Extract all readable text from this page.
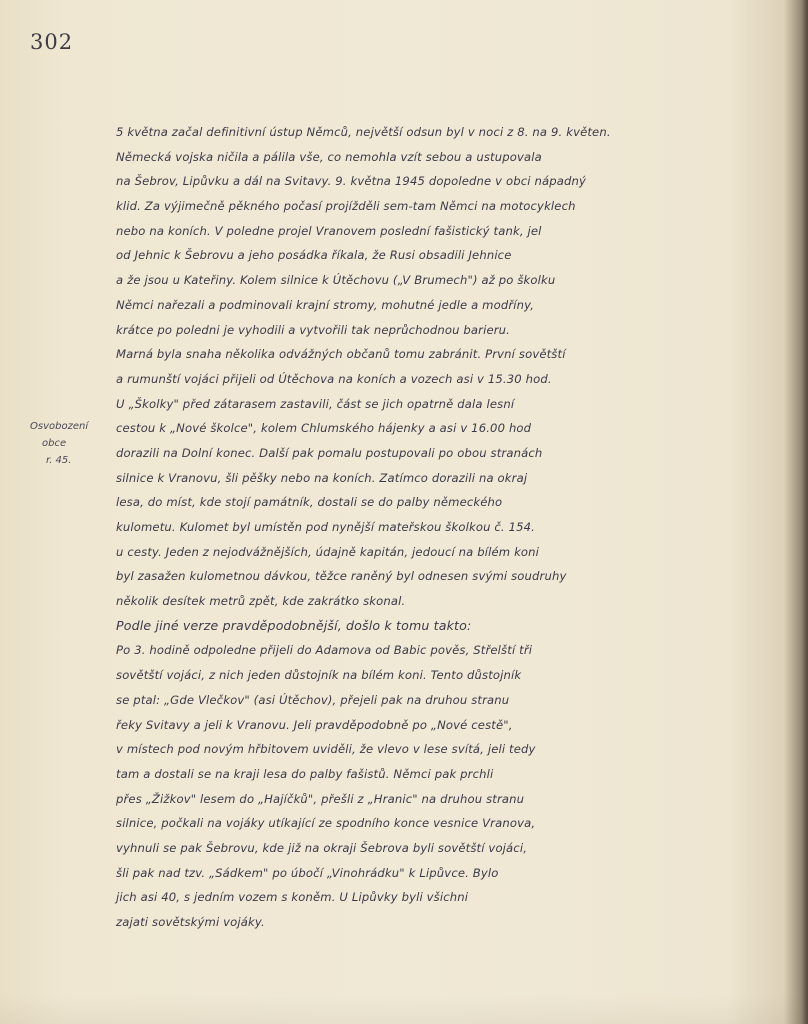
302
Osvobození
obce
r. 45.
5 května začal definitivní ústup Němců, největší odsun byl v noci z 8. na 9. květen.
Německá vojska ničila a pálila vše, co nemohla vzít sebou a ustupovala
na Šebrov, Lipůvku a dál na Svitavy. 9. května 1945 dopoledne v obci nápadný
klid. Za výjimečně pěkného počasí projížděli sem-tam Němci na motocyklech
nebo na koních. V poledne projel Vranovem poslední fašistický tank, jel
od Jehnic k Šebrovu a jeho posádka říkala, že Rusi obsadili Jehnice
a že jsou u Kateřiny. Kolem silnice k Útěchovu („V Brumech") až po školku
Němci nařezali a podminovali krajní stromy, mohutné jedle a modříny,
krátce po poledni je vyhodili a vytvořili tak neprůchodnou barieru.
Marná byla snaha několika odvážných občanů tomu zabránit. První sovětští
a rumunští vojáci přijeli od Útěchova na koních a vozech asi v 15.30 hod.
U „Školky" před zátarasem zastavili, část se jich opatrně dala lesní
cestou k „Nové školce", kolem Chlumského hájenky a asi v 16.00 hod
dorazili na Dolní konec. Další pak pomalu postupovali po obou stranách
silnice k Vranovu, šli pěšky nebo na koních. Zatímco dorazili na okraj
lesa, do míst, kde stojí památník, dostali se do palby německého
kulometu. Kulomet byl umístěn pod nynější mateřskou školkou č. 154.
u cesty. Jeden z nejodvážnějších, údajně kapitán, jedoucí na bílém koni
byl zasažen kulometnou dávkou, těžce raněný byl odnesen svými soudruhy
několik desítek metrů zpět, kde zakrátko skonal.
Podle jiné verze pravděpodobnější, došlo k tomu takto:
Po 3. hodině odpoledne přijeli do Adamova od Babic pověs, Střelští tři
sovětští vojáci, z nich jeden důstojník na bílém koni. Tento důstojník
se ptal: „Gde Vlečkov" (asi Útěchov), přejeli pak na druhou stranu
řeky Svitavy a jeli k Vranovu. Jeli pravděpodobně po „Nové cestě",
v místech pod novým hřbitovem uviděli, že vlevo v lese svítá, jeli tedy
tam a dostali se na kraji lesa do palby fašistů. Němci pak prchli
přes „Žižkov" lesem do „Hajíčků", přešli z „Hranic" na druhou stranu
silnice, počkali na vojáky utíkající ze spodního konce vesnice Vranova,
vyhnuli se pak Šebrovu, kde již na okraji Šebrova byli sovětští vojáci,
šli pak nad tzv. „Sádkem" po úbočí „Vinohrádku" k Lipůvce. Bylo
jich asi 40, s jedním vozem s koněm. U Lipůvky byli všichni
zajati sovětskými vojáky.
